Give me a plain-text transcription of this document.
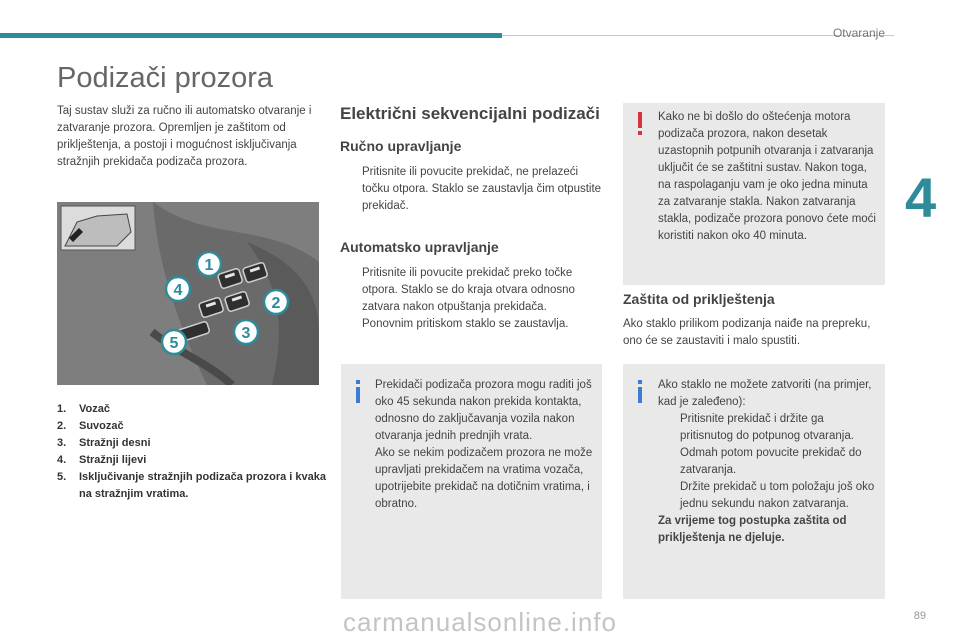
Otvaranje
4
Podizači prozora
Taj sustav služi za ručno ili automatsko otvaranje i zatvaranje prozora. Opremljen je zaštitom od priklještenja, a postoji i mogućnost isključivanja stražnjih prekidača podizača prozora.
1
2
3
4
5
1.	Vozač
2.	Suvozač
3.	Stražnji desni
4.	Stražnji lijevi
5.	Isključivanje stražnjih podizača prozora i kvaka na stražnjim vratima.
Električni sekvencijalni podizači
Ručno upravljanje
Pritisnite ili povucite prekidač, ne prelazeći točku otpora. Staklo se zaustavlja čim otpustite prekidač.
Automatsko upravljanje
Pritisnite ili povucite prekidač preko točke otpora. Staklo se do kraja otvara odnosno zatvara nakon otpuštanja prekidača.
Ponovnim pritiskom staklo se zaustavlja.
Prekidači podizača prozora mogu raditi još oko 45 sekunda nakon prekida kontakta, odnosno do zaključavanja vozila nakon otvaranja jednih prednjih vrata.
Ako se nekim podizačem prozora ne može upravljati prekidačem na vratima vozača, upotrijebite prekidač na dotičnim vratima, i obratno.
Kako ne bi došlo do oštećenja motora podizača prozora, nakon desetak uzastopnih potpunih otvaranja i zatvaranja uključit će se zaštitni sustav. Nakon toga, na raspolaganju vam je oko jedna minuta za zatvaranje stakla. Nakon zatvaranja stakla, podizače prozora ponovo ćete moći koristiti nakon oko 40 minuta.
Zaštita od priklještenja
Ako staklo prilikom podizanja naiđe na prepreku, ono će se zaustaviti i malo spustiti.
Ako staklo ne možete zatvoriti (na primjer, kad je zaleđeno):
Pritisnite prekidač i držite ga pritisnutog do potpunog otvaranja.
Odmah potom povucite prekidač do zatvaranja.
Držite prekidač u tom položaju još oko jednu sekundu nakon zatvaranja.
Za vrijeme tog postupka zaštita od priklještenja ne djeluje.
89
carmanualsonline.info
